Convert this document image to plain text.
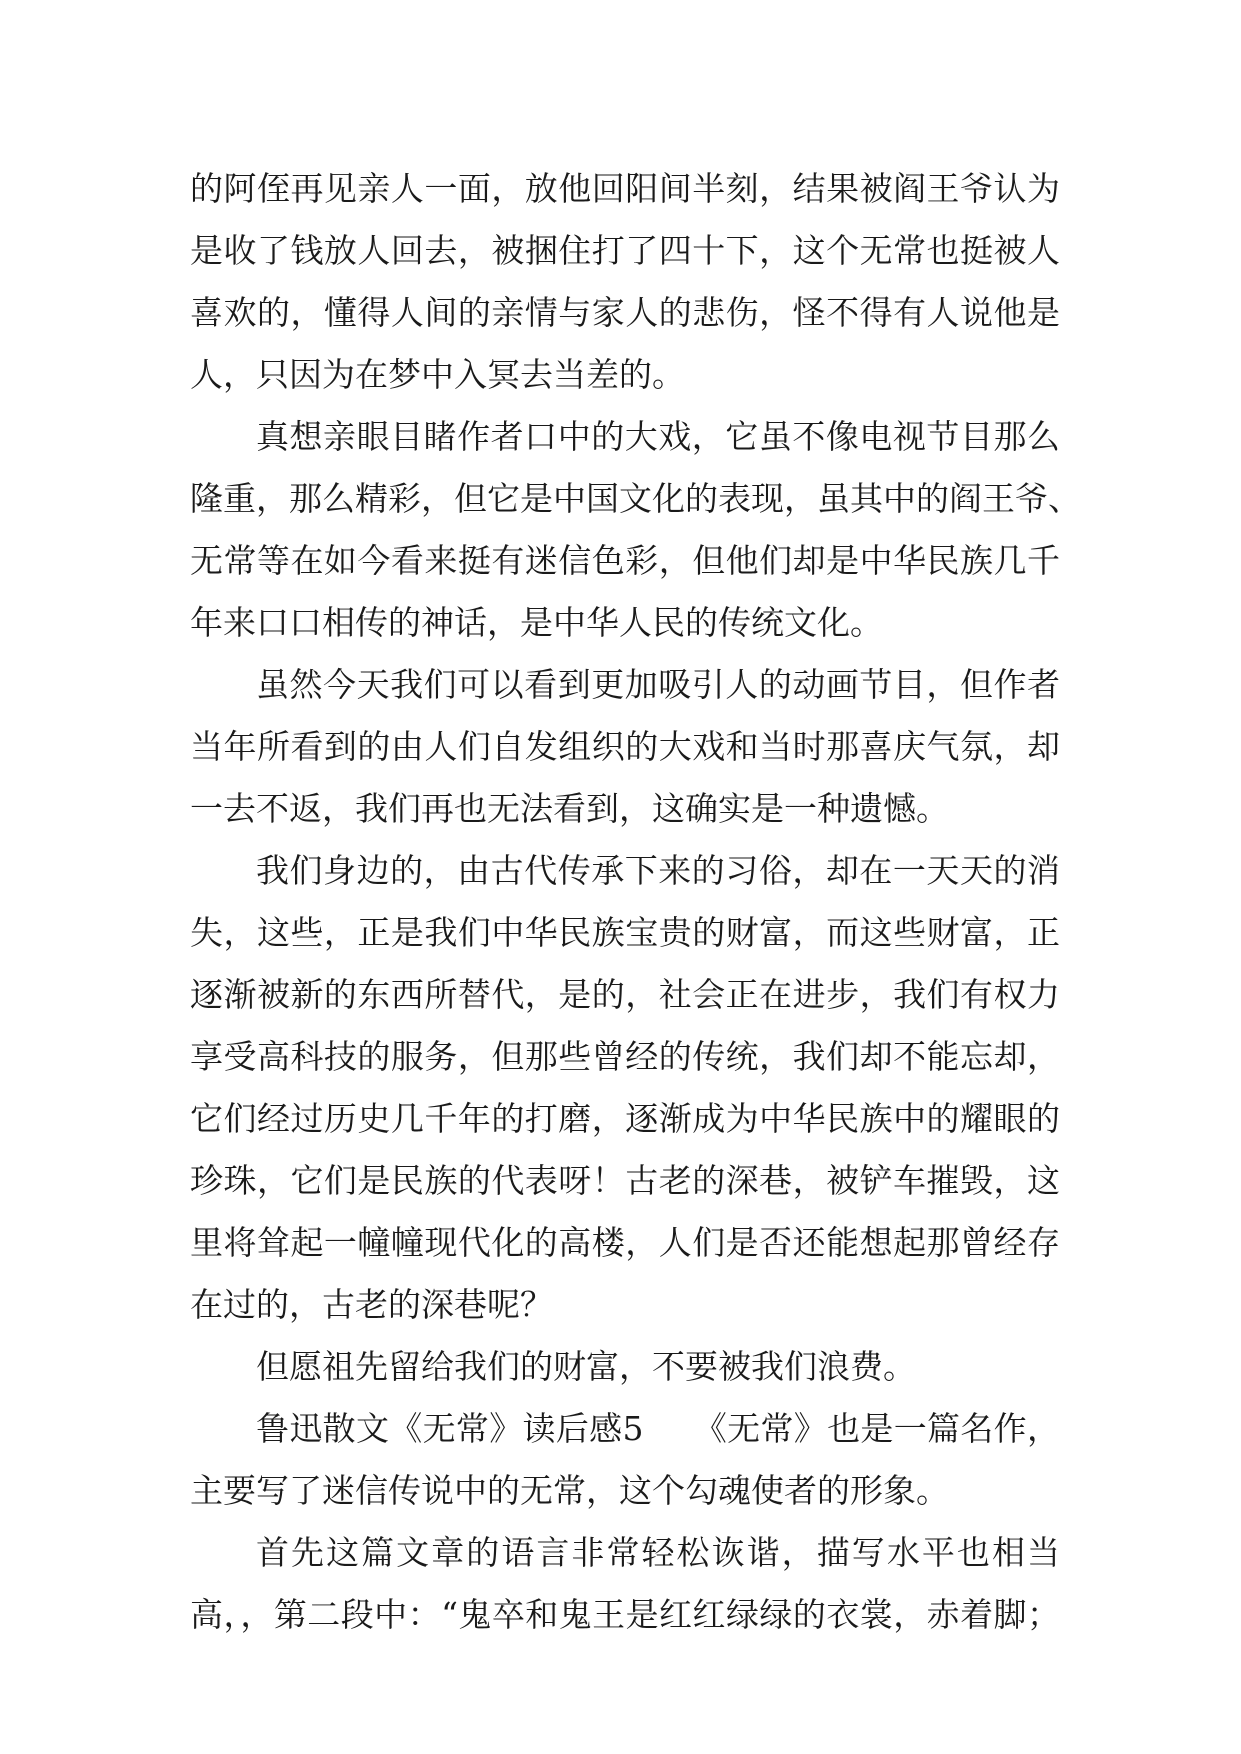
的阿侄再见亲人一面，放他回阳间半刻，结果被阎王爷认为
是收了钱放人回去，被捆住打了四十下，这个无常也挺被人
喜欢的，懂得人间的亲情与家人的悲伤，怪不得有人说他是
人，只因为在梦中入冥去当差的。
真想亲眼目睹作者口中的大戏，它虽不像电视节目那么
隆重，那么精彩，但它是中国文化的表现，虽其中的阎王爷、
无常等在如今看来挺有迷信色彩，但他们却是中华民族几千
年来口口相传的神话，是中华人民的传统文化。
虽然今天我们可以看到更加吸引人的动画节目，但作者
当年所看到的由人们自发组织的大戏和当时那喜庆气氛，却
一去不返，我们再也无法看到，这确实是一种遗憾。
我们身边的，由古代传承下来的习俗，却在一天天的消
失，这些，正是我们中华民族宝贵的财富，而这些财富，正
逐渐被新的东西所替代，是的，社会正在进步，我们有权力
享受高科技的服务，但那些曾经的传统，我们却不能忘却，
它们经过历史几千年的打磨，逐渐成为中华民族中的耀眼的
珍珠，它们是民族的代表呀！古老的深巷，被铲车摧毁，这
里将耸起一幢幢现代化的高楼，人们是否还能想起那曾经存
在过的，古老的深巷呢？
但愿祖先留给我们的财富，不要被我们浪费。
鲁迅散文《无常》读后感5　　《无常》也是一篇名作，
主要写了迷信传说中的无常，这个勾魂使者的形象。
首先这篇文章的语言非常轻松诙谐，描写水平也相当
高，，第二段中：“鬼卒和鬼王是红红绿绿的衣裳，赤着脚；
